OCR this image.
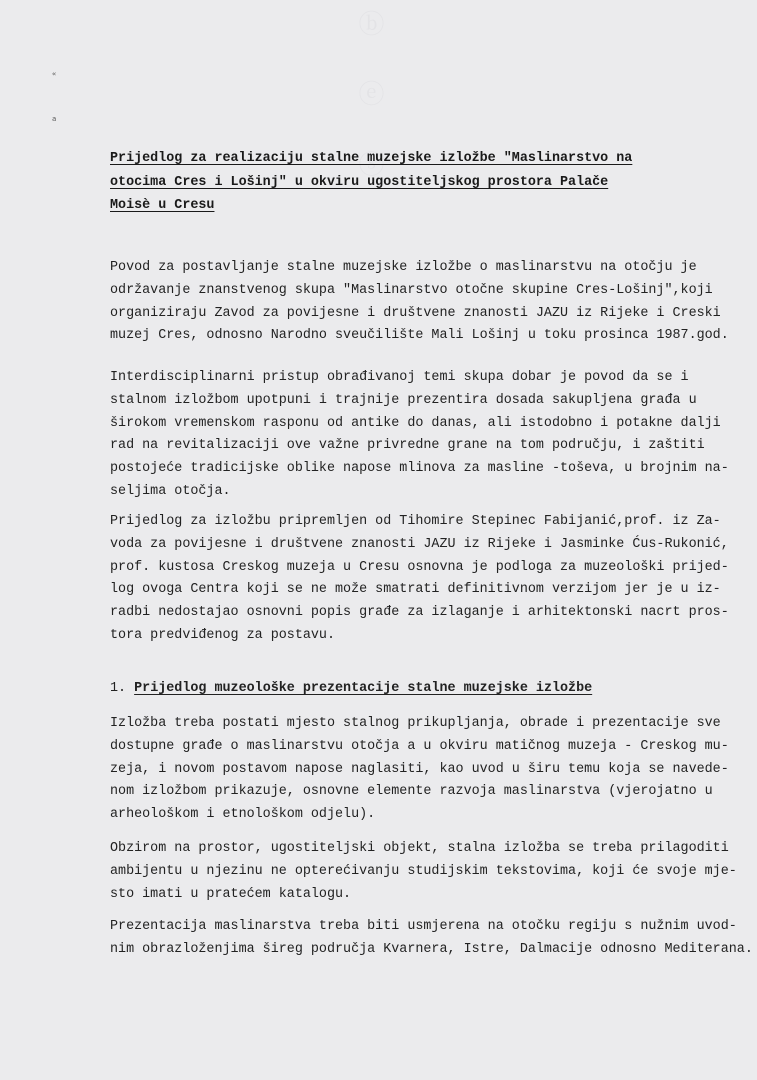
ⓑ ⓔ ⓢ
«
a
Prijedlog za realizaciju stalne muzejske izložbe "Maslinarstvo na
otocima Cres i Lošinj" u okviru ugostiteljskog prostora Palače
Moisè u Cresu

Povod za postavljanje stalne muzejske izložbe o maslinarstvu na otočju je
održavanje znanstvenog skupa "Maslinarstvo otočne skupine Cres-Lošinj",koji
organiziraju Zavod za povijesne i društvene znanosti JAZU iz Rijeke i Creski
muzej Cres, odnosno Narodno sveučilište Mali Lošinj u toku prosinca 1987.god.

Interdisciplinarni pristup obrađivanoj temi skupa dobar je povod da se i
stalnom izložbom upotpuni i trajnije prezentira dosada sakupljena građa u
širokom vremenskom rasponu od antike do danas, ali istodobno i potakne dalji
rad na revitalizaciji ove važne privredne grane na tom području, i zaštiti
postojeće tradicijske oblike napose mlinova za masline -toševa, u brojnim na-
seljima otočja.

Prijedlog za izložbu pripremljen od Tihomire Stepinec Fabijanić,prof. iz Za-
voda za povijesne i društvene znanosti JAZU iz Rijeke i Jasminke Ćus-Rukonić,
prof. kustosa Creskog muzeja u Cresu osnovna je podloga za muzeološki prijed-
log ovoga Centra koji se ne može smatrati definitivnom verzijom jer je u iz-
radbi nedostajao osnovni popis građe za izlaganje i arhitektonski nacrt pros-
tora predviđenog za postavu.

1. Prijedlog muzeološke prezentacije stalne muzejske izložbe

Izložba treba postati mjesto stalnog prikupljanja, obrade i prezentacije sve
dostupne građe o maslinarstvu otočja a u okviru matičnog muzeja - Creskog mu-
zeja, i novom postavom napose naglasiti, kao uvod u širu temu koja se navede-
nom izložbom prikazuje, osnovne elemente razvoja maslinarstva (vjerojatno u
arheološkom i etnološkom odjelu).

Obzirom na prostor, ugostiteljski objekt, stalna izložba se treba prilagoditi
ambijentu u njezinu ne opterećivanju studijskim tekstovima, koji će svoje mje-
sto imati u pratećem katalogu.

Prezentacija maslinarstva treba biti usmjerena na otočku regiju s nužnim uvod-
nim obrazloženjima šireg područja Kvarnera, Istre, Dalmacije odnosno Mediterana.
